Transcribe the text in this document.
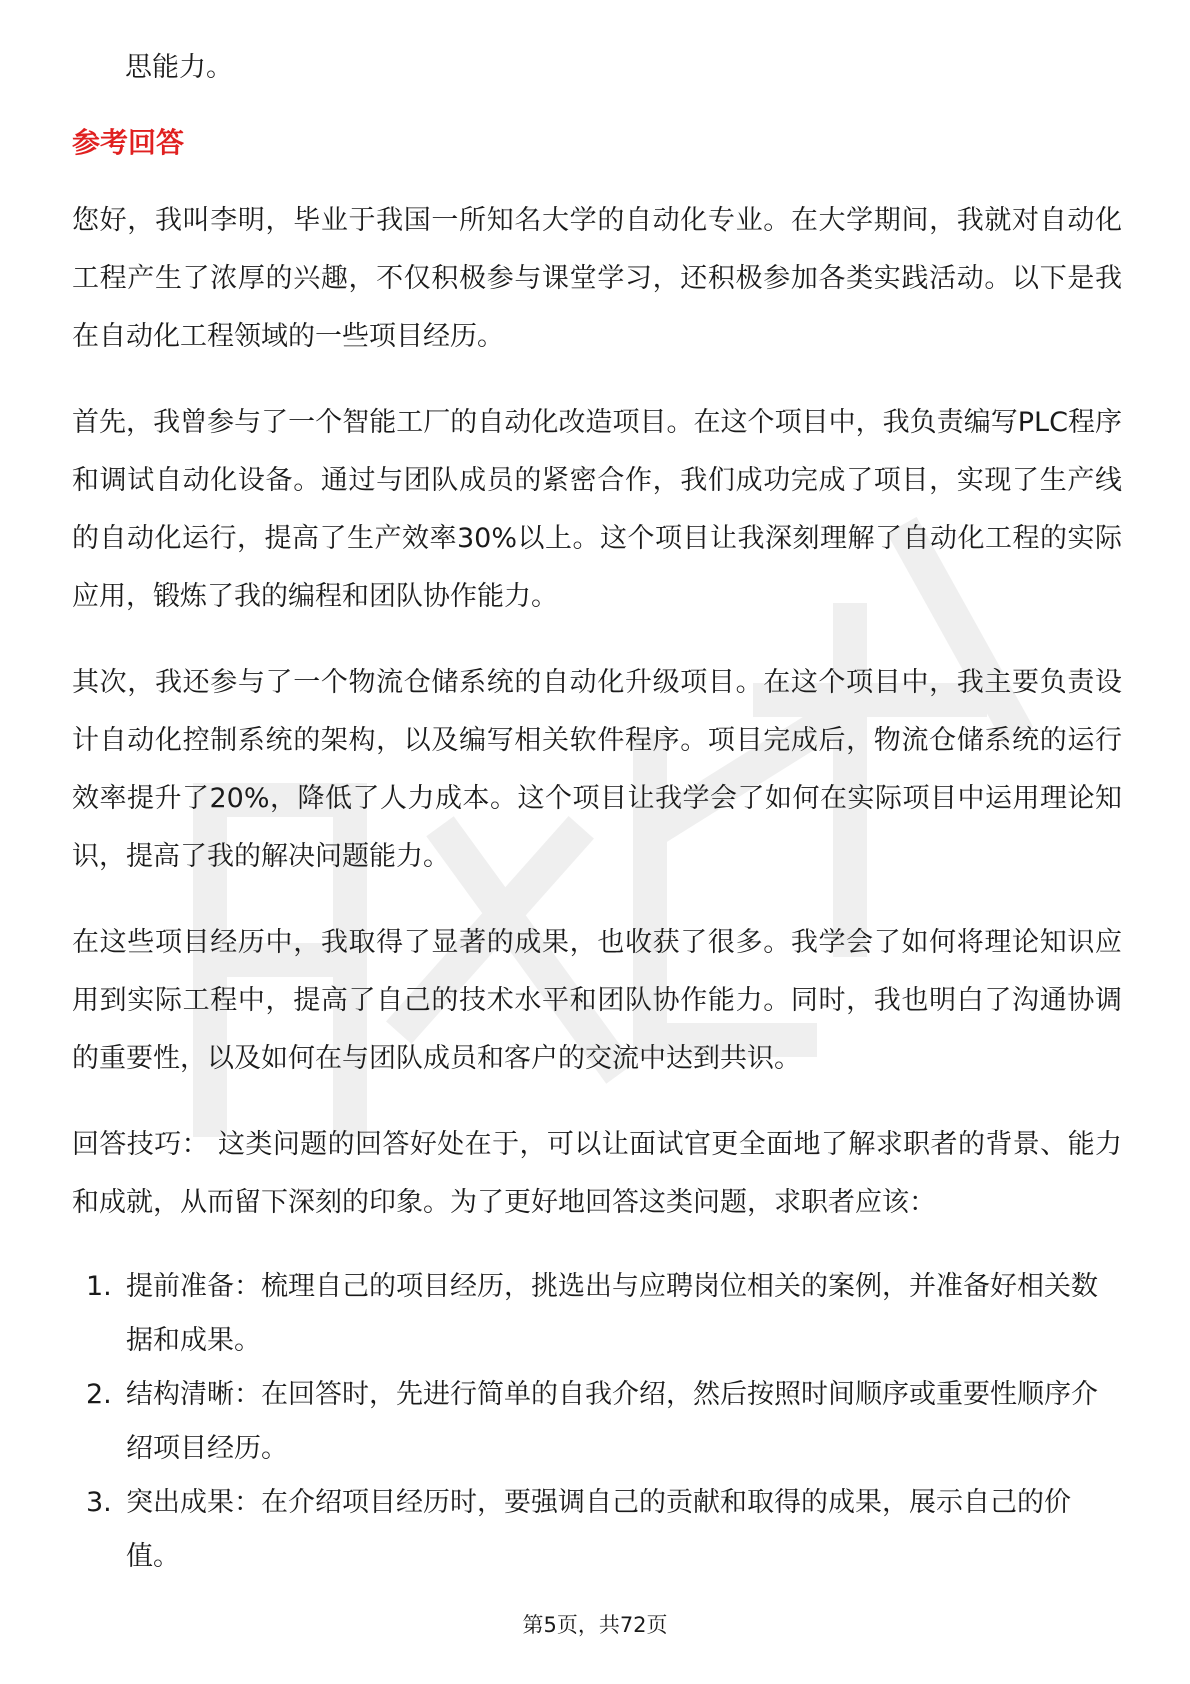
思能力。
参考回答

您好，我叫李明，毕业于我国一所知名大学的自动化专业。在大学期间，我就对自动化工程产生了浓厚的兴趣，不仅积极参与课堂学习，还积极参加各类实践活动。以下是我在自动化工程领域的一些项目经历。

首先，我曾参与了一个智能工厂的自动化改造项目。在这个项目中，我负责编写PLC程序和调试自动化设备。通过与团队成员的紧密合作，我们成功完成了项目，实现了生产线的自动化运行，提高了生产效率30%以上。这个项目让我深刻理解了自动化工程的实际应用，锻炼了我的编程和团队协作能力。

其次，我还参与了一个物流仓储系统的自动化升级项目。在这个项目中，我主要负责设计自动化控制系统的架构，以及编写相关软件程序。项目完成后，物流仓储系统的运行效率提升了20%，降低了人力成本。这个项目让我学会了如何在实际项目中运用理论知识，提高了我的解决问题能力。

在这些项目经历中，我取得了显著的成果，也收获了很多。我学会了如何将理论知识应用到实际工程中，提高了自己的技术水平和团队协作能力。同时，我也明白了沟通协调的重要性，以及如何在与团队成员和客户的交流中达到共识。

回答技巧： 这类问题的回答好处在于，可以让面试官更全面地了解求职者的背景、能力和成就，从而留下深刻的印象。为了更好地回答这类问题，求职者应该：

1. 提前准备：梳理自己的项目经历，挑选出与应聘岗位相关的案例，并准备好相关数据和成果。
2. 结构清晰：在回答时，先进行简单的自我介绍，然后按照时间顺序或重要性顺序介绍项目经历。
3. 突出成果：在介绍项目经历时，要强调自己的贡献和取得的成果，展示自己的价值。
第5页，共72页
